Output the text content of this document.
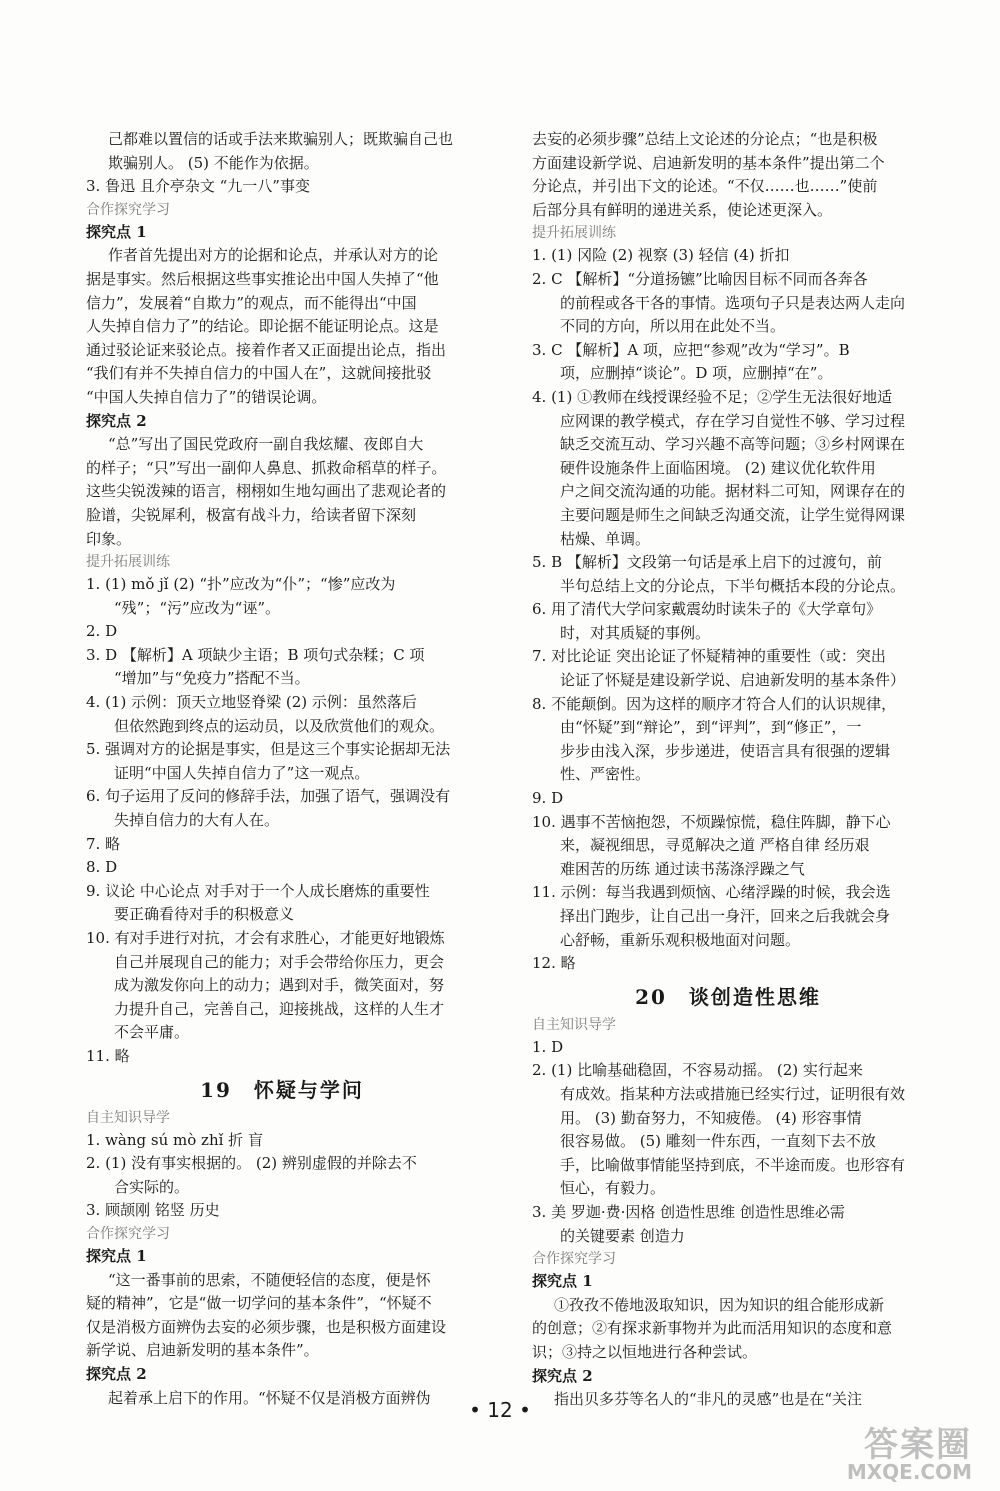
己都难以置信的话或手法来欺骗别人；既欺骗自己也
欺骗别人。 (5) 不能作为依据。
3. 鲁迅 且介亭杂文 “九一八”事变
合作探究学习
探究点 1
作者首先提出对方的论据和论点，并承认对方的论
据是事实。然后根据这些事实推论出中国人失掉了“他
信力”，发展着“自欺力”的观点，而不能得出“中国
人失掉自信力了”的结论。即论据不能证明论点。这是
通过驳论证来驳论点。接着作者又正面提出论点，指出
“我们有并不失掉自信力的中国人在”，这就间接批驳
“中国人失掉自信力了”的错误论调。
探究点 2
“总”写出了国民党政府一副自我炫耀、夜郎自大
的样子；“只”写出一副仰人鼻息、抓救命稻草的样子。
这些尖锐泼辣的语言，栩栩如生地勾画出了悲观论者的
脸谱，尖锐犀利，极富有战斗力，给读者留下深刻
印象。
提升拓展训练
1. (1) mǒ jǐ (2) “扑”应改为“仆”；“惨”应改为
“残”；“污”应改为“诬”。
2. D
3. D 【解析】A 项缺少主语；B 项句式杂糅；C 项
“增加”与“免疫力”搭配不当。
4. (1) 示例：顶天立地竖脊梁 (2) 示例：虽然落后
但依然跑到终点的运动员，以及欣赏他们的观众。
5. 强调对方的论据是事实，但是这三个事实论据却无法
证明“中国人失掉自信力了”这一观点。
6. 句子运用了反问的修辞手法，加强了语气，强调没有
失掉自信力的大有人在。
7. 略
8. D
9. 议论 中心论点 对手对于一个人成长磨炼的重要性
要正确看待对手的积极意义
10. 有对手进行对抗，才会有求胜心，才能更好地锻炼
自己并展现自己的能力；对手会带给你压力，更会
成为激发你向上的动力；遇到对手，微笑面对，努
力提升自己，完善自己，迎接挑战，这样的人生才
不会平庸。
11. 略
19 怀疑与学问
自主知识导学
1. wàng sú mò zhǐ 折 盲
2. (1) 没有事实根据的。 (2) 辨别虚假的并除去不
合实际的。
3. 顾颉刚 铭竖 历史
合作探究学习
探究点 1
“这一番事前的思索，不随便轻信的态度，便是怀
疑的精神”，它是“做一切学问的基本条件”，“怀疑不
仅是消极方面辨伪去妄的必须步骤，也是积极方面建设
新学说、启迪新发明的基本条件”。
探究点 2
起着承上启下的作用。“怀疑不仅是消极方面辨伪
去妄的必须步骤”总结上文论述的分论点；“也是积极
方面建设新学说、启迪新发明的基本条件”提出第二个
分论点，并引出下文的论述。“不仅……也……”使前
后部分具有鲜明的递进关系，使论述更深入。
提升拓展训练
1. (1) 冈险 (2) 视察 (3) 轻信 (4) 折扣
2. C 【解析】“分道扬镳”比喻因目标不同而各奔各
的前程或各干各的事情。选项句子只是表达两人走向
不同的方向，所以用在此处不当。
3. C 【解析】A 项，应把“参观”改为“学习”。B
项，应删掉“谈论”。D 项，应删掉“在”。
4. (1) ①教师在线授课经验不足；②学生无法很好地适
应网课的教学模式，存在学习自觉性不够、学习过程
缺乏交流互动、学习兴趣不高等问题；③乡村网课在
硬件设施条件上面临困境。 (2) 建议优化软件用
户之间交流沟通的功能。据材料二可知，网课存在的
主要问题是师生之间缺乏沟通交流，让学生觉得网课
枯燥、单调。
5. B 【解析】文段第一句话是承上启下的过渡句，前
半句总结上文的分论点，下半句概括本段的分论点。
6. 用了清代大学问家戴震幼时读朱子的《大学章句》
时，对其质疑的事例。
7. 对比论证 突出论证了怀疑精神的重要性（或：突出
论证了怀疑是建设新学说、启迪新发明的基本条件）
8. 不能颠倒。因为这样的顺序才符合人们的认识规律，
由“怀疑”到“辩论”，到“评判”，到“修正”，一
步步由浅入深，步步递进，使语言具有很强的逻辑
性、严密性。
9. D
10. 遇事不苦恼抱怨，不烦躁惊慌，稳住阵脚，静下心
来，凝视细思，寻觅解决之道 严格自律 经历艰
难困苦的历练 通过读书荡涤浮躁之气
11. 示例：每当我遇到烦恼、心绪浮躁的时候，我会选
择出门跑步，让自己出一身汗，回来之后我就会身
心舒畅，重新乐观积极地面对问题。
12. 略
20 谈创造性思维
自主知识导学
1. D
2. (1) 比喻基础稳固，不容易动摇。 (2) 实行起来
有成效。指某种方法或措施已经实行过，证明很有效
用。 (3) 勤奋努力，不知疲倦。 (4) 形容事情
很容易做。 (5) 雕刻一件东西，一直刻下去不放
手，比喻做事情能坚持到底，不半途而废。也形容有
恒心，有毅力。
3. 美 罗迦·费·因格 创造性思维 创造性思维必需
的关键要素 创造力
合作探究学习
探究点 1
①孜孜不倦地汲取知识，因为知识的组合能形成新
的创意；②有探求新事物并为此而活用知识的态度和意
识；③持之以恒地进行各种尝试。
探究点 2
指出贝多芬等名人的“非凡的灵感”也是在“关注
• 12 •
答案圈
MXQE.COM
